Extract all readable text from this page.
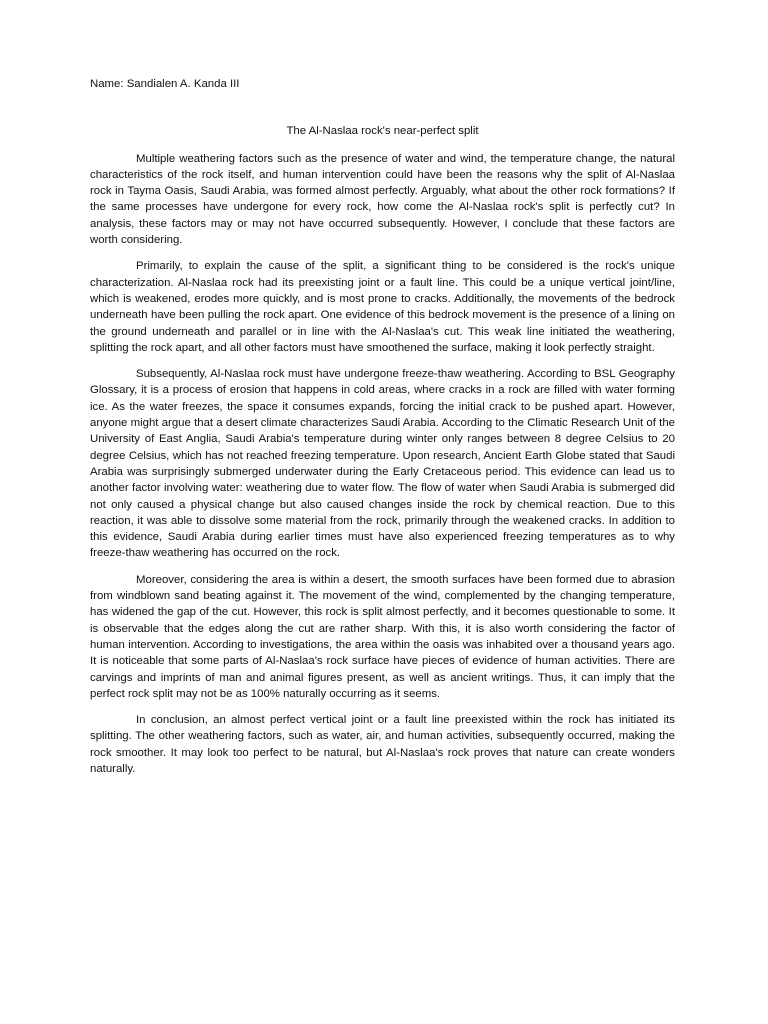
Name: Sandialen A. Kanda III

The Al-Naslaa rock's near-perfect split

Multiple weathering factors such as the presence of water and wind, the temperature change, the natural characteristics of the rock itself, and human intervention could have been the reasons why the split of Al-Naslaa rock in Tayma Oasis, Saudi Arabia, was formed almost perfectly. Arguably, what about the other rock formations? If the same processes have undergone for every rock, how come the Al-Naslaa rock's split is perfectly cut? In analysis, these factors may or may not have occurred subsequently. However, I conclude that these factors are worth considering.

Primarily, to explain the cause of the split, a significant thing to be considered is the rock's unique characterization. Al-Naslaa rock had its preexisting joint or a fault line. This could be a unique vertical joint/line, which is weakened, erodes more quickly, and is most prone to cracks. Additionally, the movements of the bedrock underneath have been pulling the rock apart. One evidence of this bedrock movement is the presence of a lining on the ground underneath and parallel or in line with the Al-Naslaa's cut. This weak line initiated the weathering, splitting the rock apart, and all other factors must have smoothened the surface, making it look perfectly straight.

Subsequently, Al-Naslaa rock must have undergone freeze-thaw weathering. According to BSL Geography Glossary, it is a process of erosion that happens in cold areas, where cracks in a rock are filled with water forming ice. As the water freezes, the space it consumes expands, forcing the initial crack to be pushed apart. However, anyone might argue that a desert climate characterizes Saudi Arabia. According to the Climatic Research Unit of the University of East Anglia, Saudi Arabia's temperature during winter only ranges between 8 degree Celsius to 20 degree Celsius, which has not reached freezing temperature. Upon research, Ancient Earth Globe stated that Saudi Arabia was surprisingly submerged underwater during the Early Cretaceous period. This evidence can lead us to another factor involving water: weathering due to water flow. The flow of water when Saudi Arabia is submerged did not only caused a physical change but also caused changes inside the rock by chemical reaction. Due to this reaction, it was able to dissolve some material from the rock, primarily through the weakened cracks. In addition to this evidence, Saudi Arabia during earlier times must have also experienced freezing temperatures as to why freeze-thaw weathering has occurred on the rock.

Moreover, considering the area is within a desert, the smooth surfaces have been formed due to abrasion from windblown sand beating against it. The movement of the wind, complemented by the changing temperature, has widened the gap of the cut. However, this rock is split almost perfectly, and it becomes questionable to some. It is observable that the edges along the cut are rather sharp. With this, it is also worth considering the factor of human intervention. According to investigations, the area within the oasis was inhabited over a thousand years ago. It is noticeable that some parts of Al-Naslaa's rock surface have pieces of evidence of human activities. There are carvings and imprints of man and animal figures present, as well as ancient writings. Thus, it can imply that the perfect rock split may not be as 100% naturally occurring as it seems.

In conclusion, an almost perfect vertical joint or a fault line preexisted within the rock has initiated its splitting. The other weathering factors, such as water, air, and human activities, subsequently occurred, making the rock smoother. It may look too perfect to be natural, but Al-Naslaa's rock proves that nature can create wonders naturally.
